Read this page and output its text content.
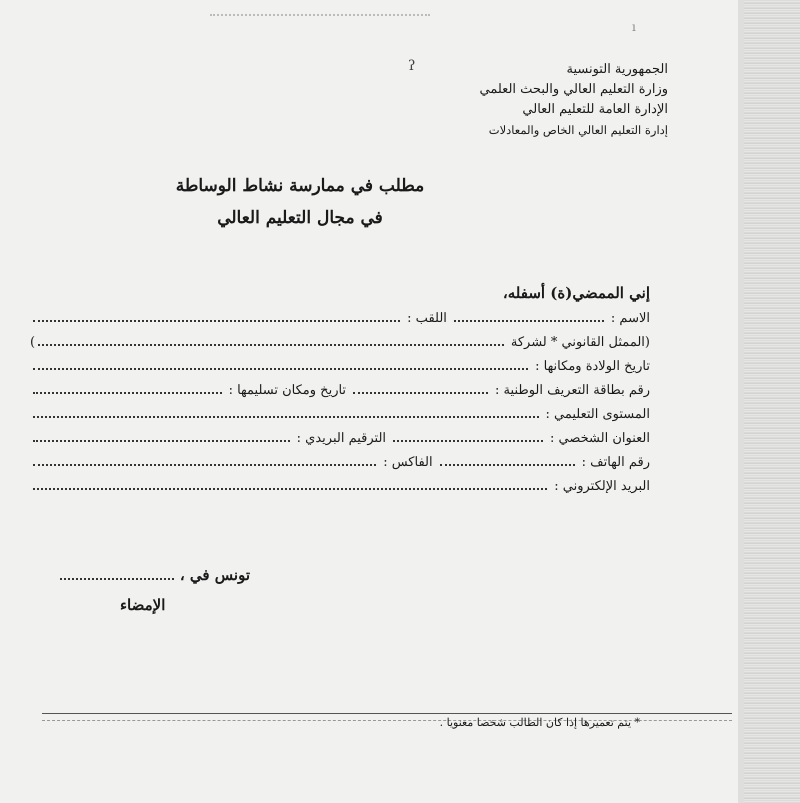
ı
ʔ	الجمهورية التونسية
وزارة التعليم العالي والبحث العلمي
الإدارة العامة للتعليم العالي
إدارة التعليم العالي الخاص والمعادلات
مطلب في ممارسة نشاط الوساطة
في مجال التعليم العالي
إني الممضي(ة) أسفله،
الاسم :
اللقب :
(الممثل القانوني * لشركة
)
تاريخ الولادة ومكانها :
رقم بطاقة التعريف الوطنية :
تاريخ ومكان تسليمها :
المستوى التعليمي :
العنوان الشخصي :
الترقيم البريدي :
رقم الهاتف :
الفاكس :
البريد الإلكتروني :
تونس في ،
الإمضاء
* يتم تعميرها إذا كان الطالب شخصا معنويا .
